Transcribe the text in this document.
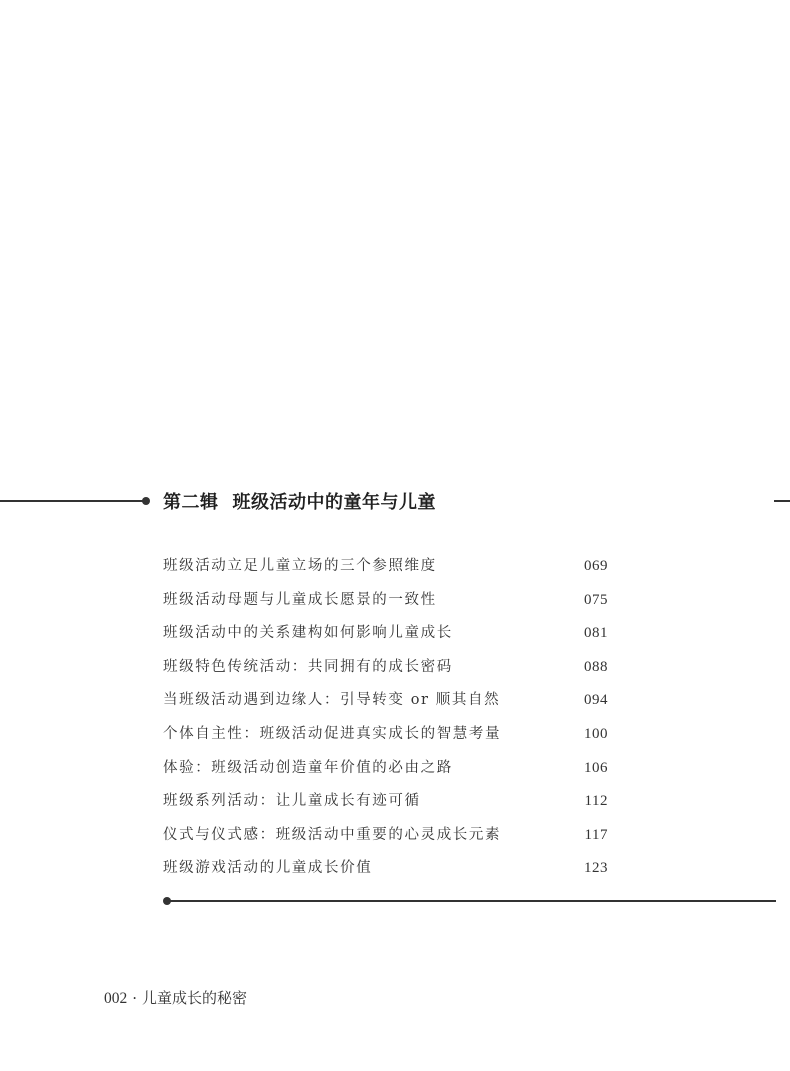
第二辑 班级活动中的童年与儿童
班级活动立足儿童立场的三个参照维度	069
班级活动母题与儿童成长愿景的一致性	075
班级活动中的关系建构如何影响儿童成长	081
班级特色传统活动：共同拥有的成长密码	088
当班级活动遇到边缘人：引导转变 or 顺其自然	094
个体自主性：班级活动促进真实成长的智慧考量	100
体验：班级活动创造童年价值的必由之路	106
班级系列活动：让儿童成长有迹可循	112
仪式与仪式感：班级活动中重要的心灵成长元素	117
班级游戏活动的儿童成长价值	123
002 · 儿童成长的秘密
